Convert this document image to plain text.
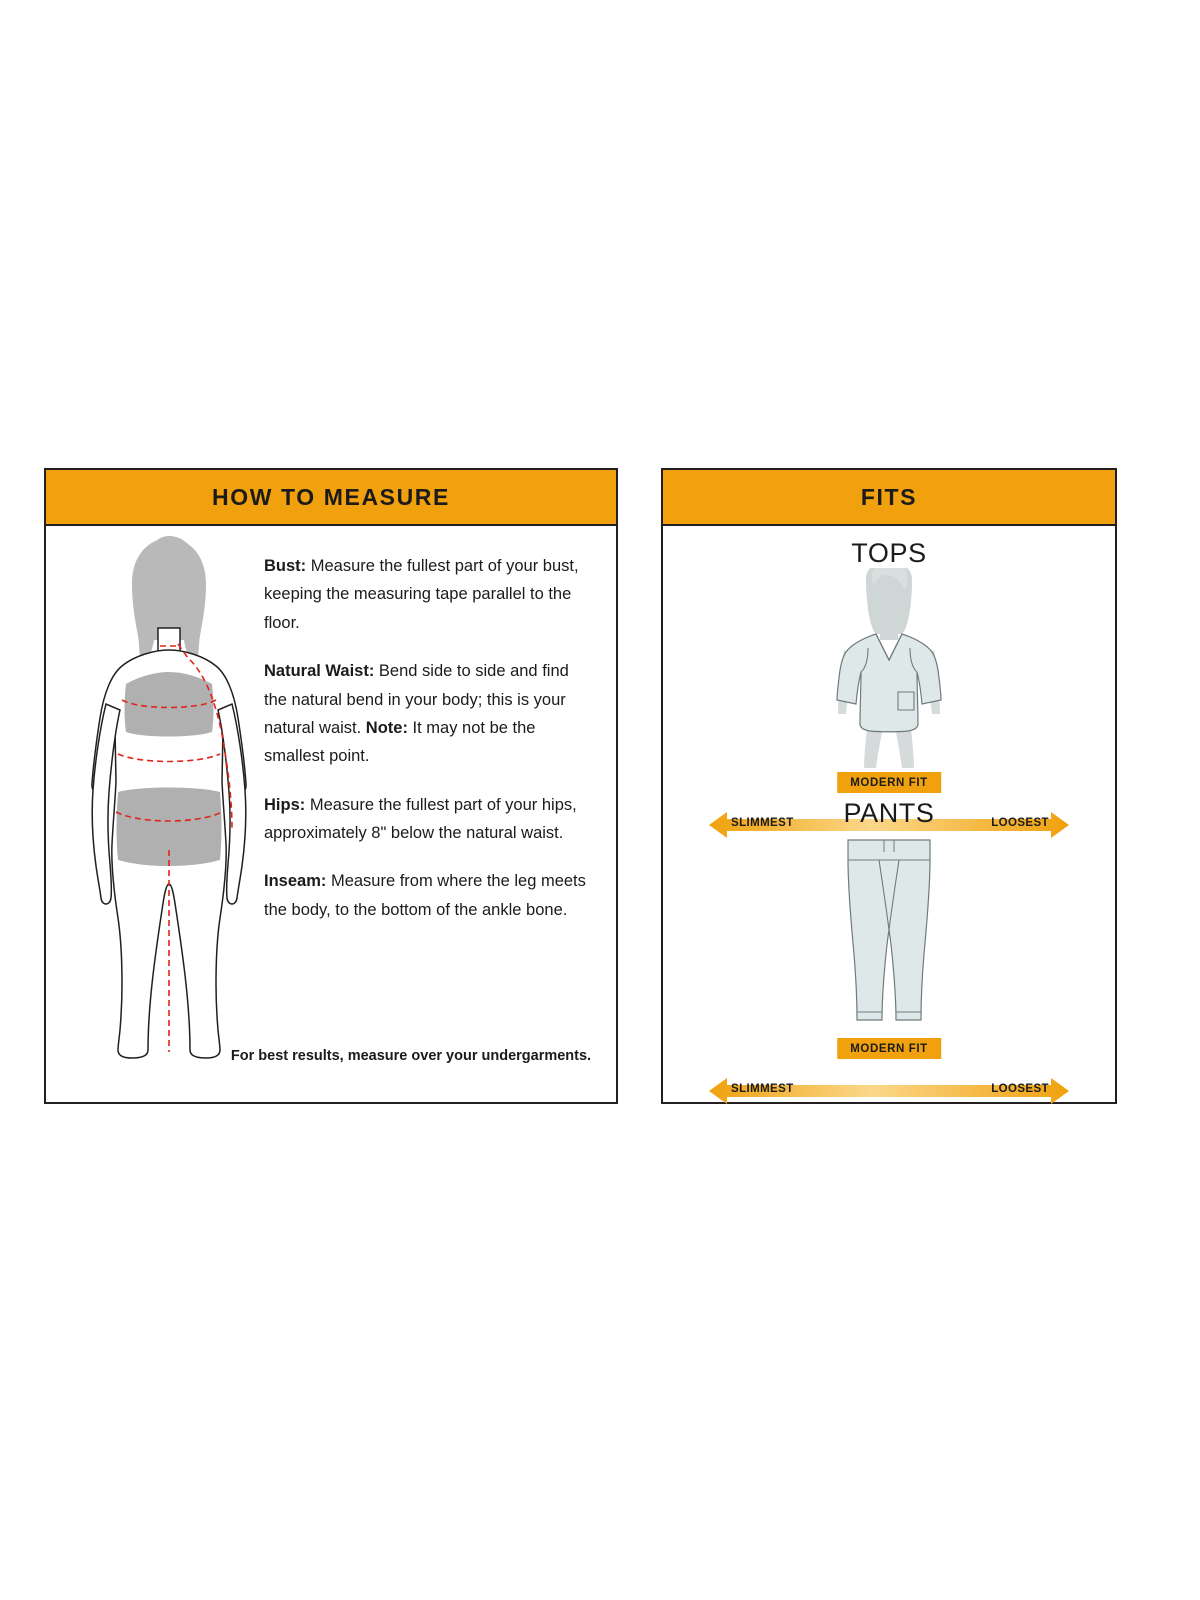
HOW TO MEASURE

Bust: Measure the fullest part of your bust, keeping the measuring tape parallel to the floor.

Natural Waist: Bend side to side and find the natural bend in your body; this is your natural waist. Note: It may not be the smallest point.

Hips: Measure the fullest part of your hips, approximately 8" below the natural waist.

Inseam: Measure from where the leg meets the body, to the bottom of the ankle bone.

For best results, measure over your undergarments.
FITS
TOPS
MODERN FIT
SLIMMEST	LOOSEST
PANTS
MODERN FIT
SLIMMEST	LOOSEST
